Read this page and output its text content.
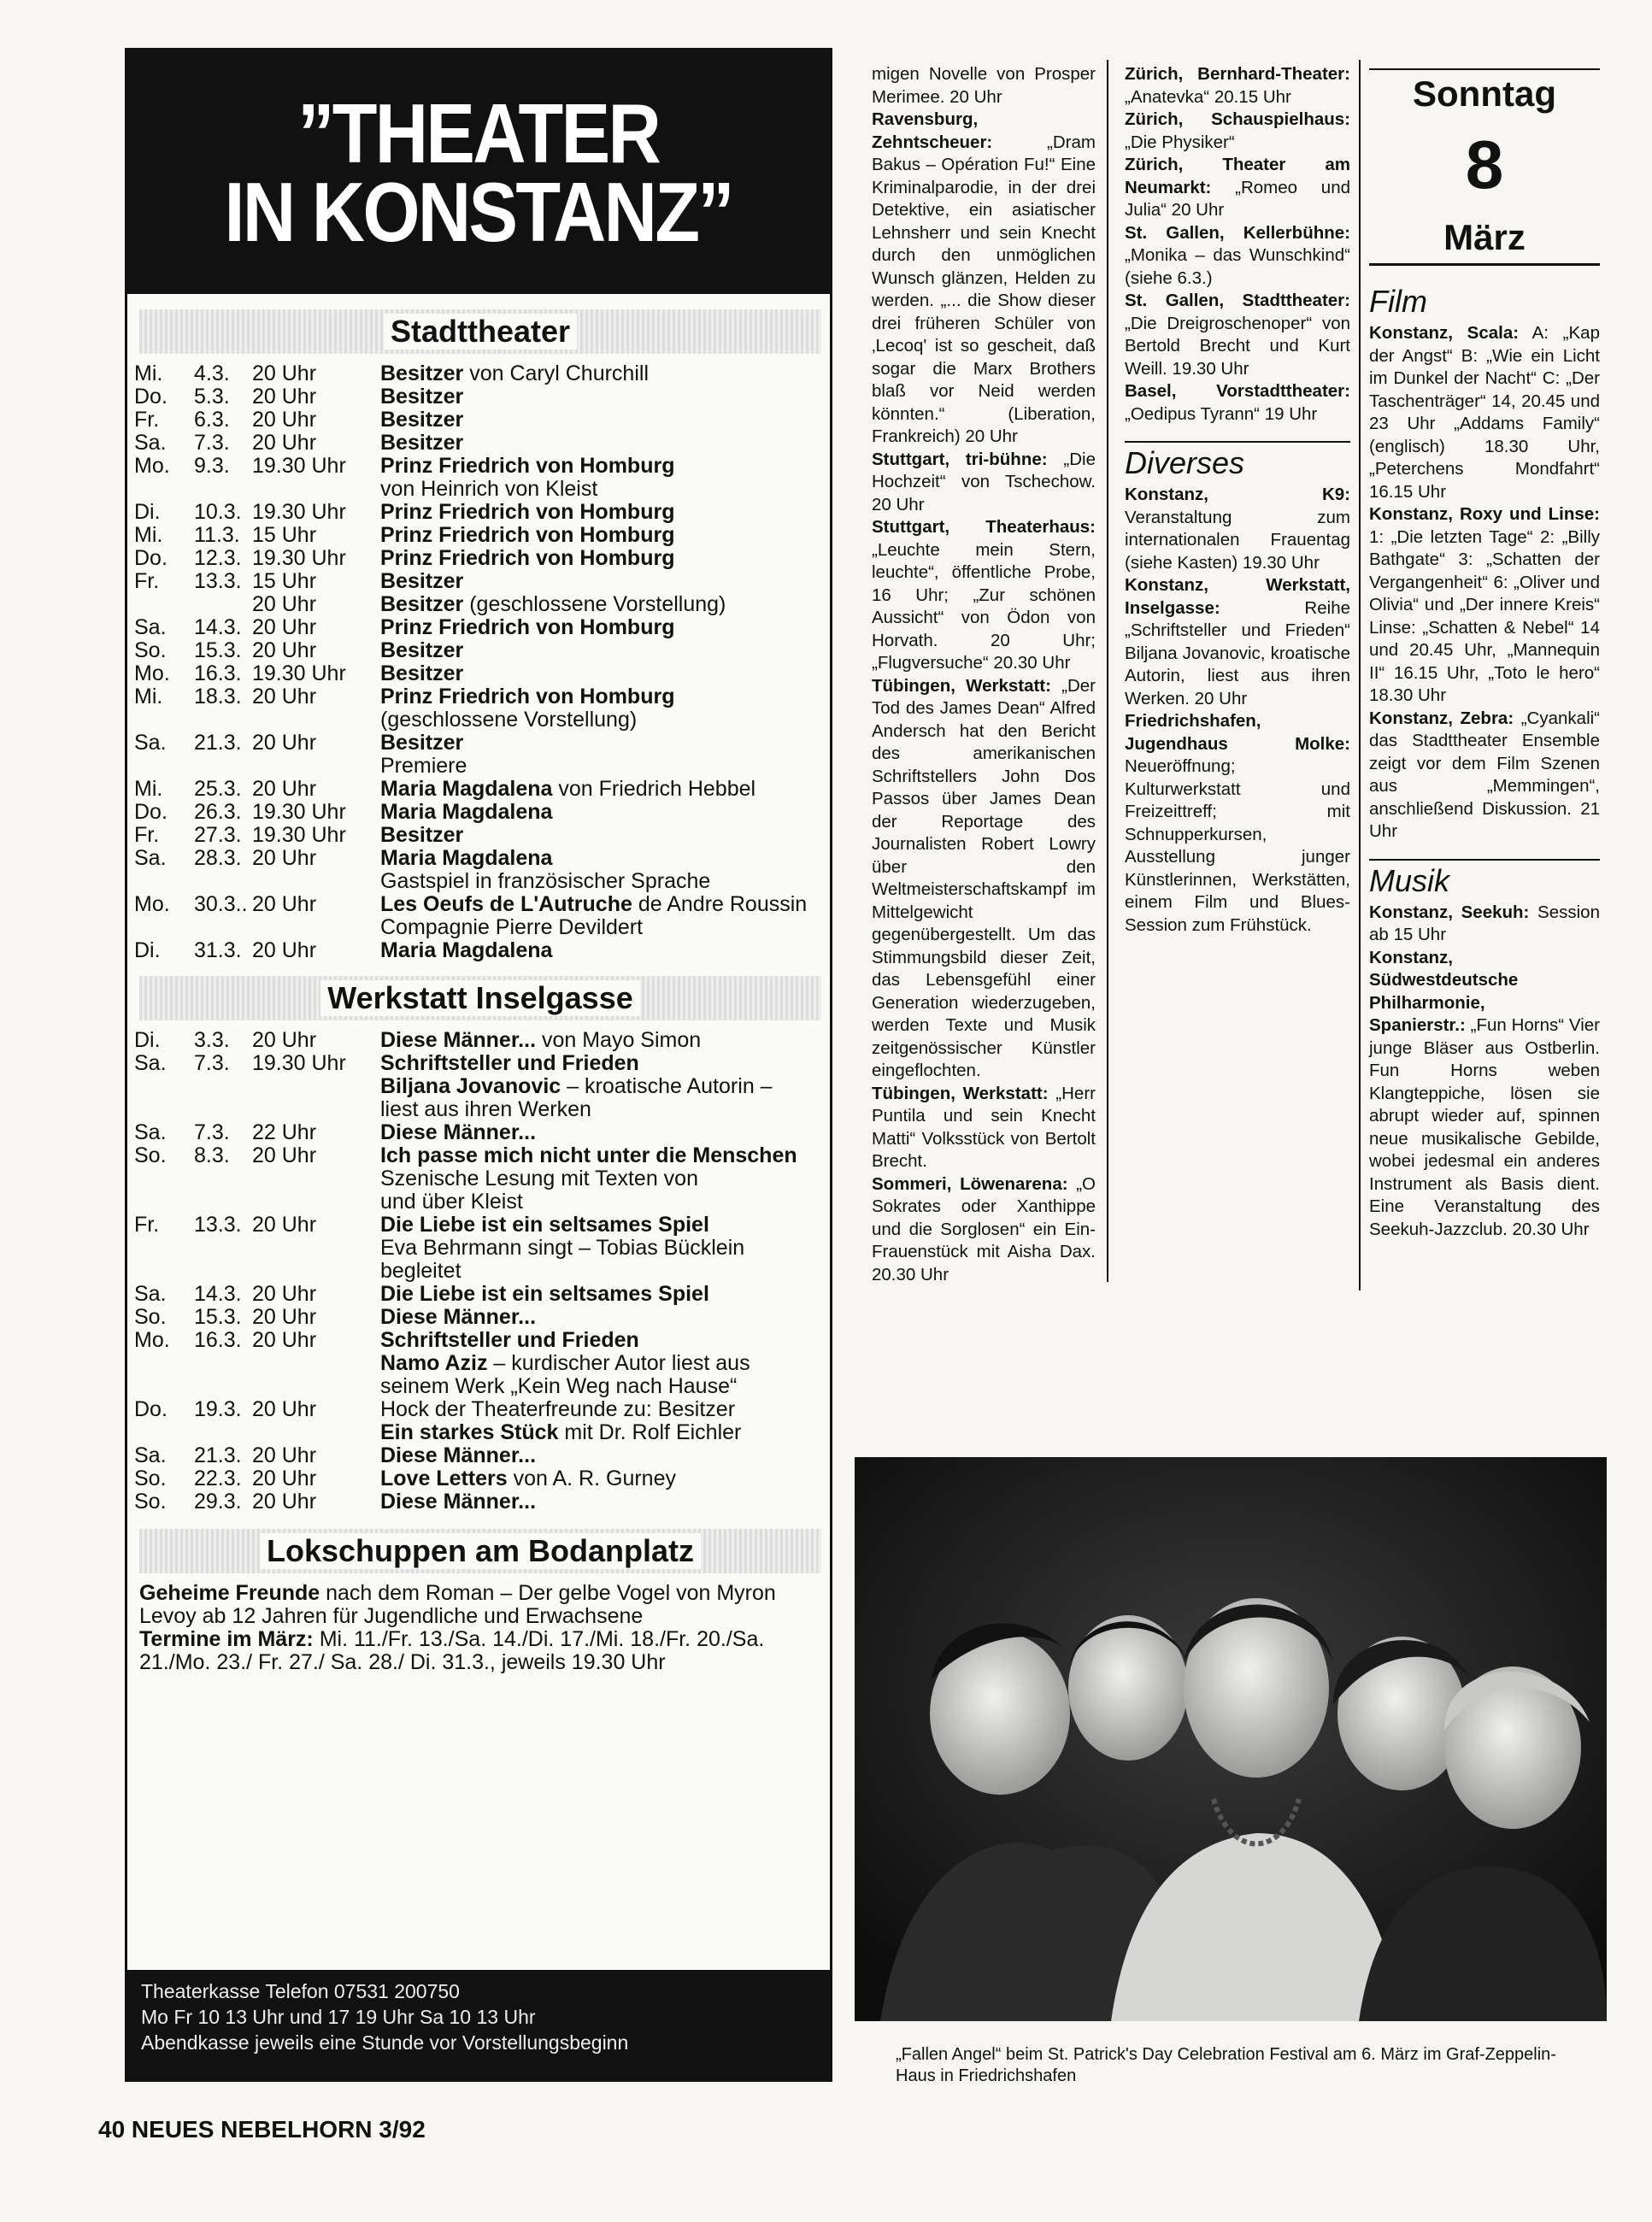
”THEATER
IN KONSTANZ”
Stadttheater
Mi.	4.3.	20 Uhr	Besitzer von Caryl Churchill
Do.	5.3.	20 Uhr	Besitzer
Fr.	6.3.	20 Uhr	Besitzer
Sa.	7.3.	20 Uhr	Besitzer
Mo.	9.3.	19.30 Uhr	Prinz Friedrich von Homburg
von Heinrich von Kleist
Di.	10.3.	19.30 Uhr	Prinz Friedrich von Homburg
Mi.	11.3.	15 Uhr	Prinz Friedrich von Homburg
Do.	12.3.	19.30 Uhr	Prinz Friedrich von Homburg
Fr.	13.3.	15 Uhr	Besitzer
		20 Uhr	Besitzer (geschlossene Vorstellung)
Sa.	14.3.	20 Uhr	Prinz Friedrich von Homburg
So.	15.3.	20 Uhr	Besitzer
Mo.	16.3.	19.30 Uhr	Besitzer
Mi.	18.3.	20 Uhr	Prinz Friedrich von Homburg
(geschlossene Vorstellung)
Sa.	21.3.	20 Uhr	Besitzer
			Premiere
Mi.	25.3.	20 Uhr	Maria Magdalena von Friedrich Hebbel
Do.	26.3.	19.30 Uhr	Maria Magdalena
Fr.	27.3.	19.30 Uhr	Besitzer
Sa.	28.3.	20 Uhr	Maria Magdalena
			Gastspiel in französischer Sprache
Mo.	30.3..	20 Uhr	Les Oeufs de L'Autruche de Andre Roussin
Compagnie Pierre Devildert
Di.	31.3.	20 Uhr	Maria Magdalena
Werkstatt Inselgasse
Di.	3.3.	20 Uhr	Diese Männer... von Mayo Simon
Sa.	7.3.	19.30 Uhr	Schriftsteller und Frieden
Biljana Jovanovic – kroatische Autorin –
liest aus ihren Werken
Sa.	7.3.	22 Uhr	Diese Männer...
So.	8.3.	20 Uhr	Ich passe mich nicht unter die Menschen
Szenische Lesung mit Texten von
und über Kleist
Fr.	13.3.	20 Uhr	Die Liebe ist ein seltsames Spiel
Eva Behrmann singt – Tobias Bücklein
begleitet
Sa.	14.3.	20 Uhr	Die Liebe ist ein seltsames Spiel
So.	15.3.	20 Uhr	Diese Männer...
Mo.	16.3.	20 Uhr	Schriftsteller und Frieden
Namo Aziz – kurdischer Autor liest aus
seinem Werk „Kein Weg nach Hause“
Do.	19.3.	20 Uhr	Hock der Theaterfreunde zu: Besitzer
Ein starkes Stück mit Dr. Rolf Eichler
Sa.	21.3.	20 Uhr	Diese Männer...
So.	22.3.	20 Uhr	Love Letters von A. R. Gurney
So.	29.3.	20 Uhr	Diese Männer...
Lokschuppen am Bodanplatz
Geheime Freunde nach dem Roman – Der gelbe Vogel von Myron Levoy ab 12 Jahren für Jugendliche und Erwachsene
Termine im März: Mi. 11./Fr. 13./Sa. 14./Di. 17./Mi. 18./Fr. 20./Sa. 21./Mo. 23./ Fr. 27./ Sa. 28./ Di. 31.3., jeweils 19.30 Uhr
Theaterkasse Telefon 07531 200750
Mo Fr 10 13 Uhr und 17 19 Uhr Sa 10 13 Uhr
Abendkasse jeweils eine Stunde vor Vorstellungsbeginn

migen Novelle von Prosper Merimee. 20 Uhr

Ravensburg, Zehntscheuer: „Dram Bakus – Opération Fu!“ Eine Kriminalparodie, in der drei Detektive, ein asiatischer Lehnsherr und sein Knecht durch den unmöglichen Wunsch glänzen, Helden zu werden. „... die Show dieser drei früheren Schüler von ‚Lecoq' ist so gescheit, daß sogar die Marx Brothers blaß vor Neid werden könnten.“ (Liberation, Frankreich) 20 Uhr

Stuttgart, tri-bühne: „Die Hochzeit“ von Tschechow. 20 Uhr

Stuttgart, Theaterhaus: „Leuchte mein Stern, leuchte“, öffentliche Probe, 16 Uhr; „Zur schönen Aussicht“ von Ödon von Horvath. 20 Uhr; „Flugversuche“ 20.30 Uhr

Tübingen, Werkstatt: „Der Tod des James Dean“ Alfred Andersch hat den Bericht des amerikanischen Schriftstellers John Dos Passos über James Dean der Reportage des Journalisten Robert Lowry über den Weltmeisterschaftskampf im Mittelgewicht gegenübergestellt. Um das Stimmungsbild dieser Zeit, das Lebensgefühl einer Generation wiederzugeben, werden Texte und Musik zeitgenössischer Künstler eingeflochten.

Tübingen, Werkstatt: „Herr Puntila und sein Knecht Matti“ Volksstück von Bertolt Brecht.

Sommeri, Löwenarena: „O Sokrates oder Xanthippe und die Sorglosen“ ein Ein-Frauenstück mit Aisha Dax. 20.30 Uhr

Zürich, Bernhard-Theater: „Anatevka“ 20.15 Uhr

Zürich, Schauspielhaus: „Die Physiker“

Zürich, Theater am Neumarkt: „Romeo und Julia“ 20 Uhr

St. Gallen, Kellerbühne: „Monika – das Wunschkind“ (siehe 6.3.)

St. Gallen, Stadttheater: „Die Dreigroschenoper“ von Bertold Brecht und Kurt Weill. 19.30 Uhr

Basel, Vorstadttheater: „Oedipus Tyrann“ 19 Uhr

Diverses

Konstanz, K9: Veranstaltung zum internationalen Frauentag (siehe Kasten) 19.30 Uhr

Konstanz, Werkstatt, Inselgasse: Reihe „Schriftsteller und Frieden“ Biljana Jovanovic, kroatische Autorin, liest aus ihren Werken. 20 Uhr

Friedrichshafen, Jugendhaus Molke: Neueröffnung; Kulturwerkstatt und Freizeittreff; mit Schnupperkursen, Ausstellung junger Künstlerinnen, Werkstätten, einem Film und Blues-Session zum Frühstück.

Sonntag
8
März
Film

Konstanz, Scala: A: „Kap der Angst“ B: „Wie ein Licht im Dunkel der Nacht“ C: „Der Taschenträger“ 14, 20.45 und 23 Uhr „Addams Family“ (englisch) 18.30 Uhr, „Peterchens Mondfahrt“ 16.15 Uhr

Konstanz, Roxy und Linse: 1: „Die letzten Tage“ 2: „Billy Bathgate“ 3: „Schatten der Vergangenheit“ 6: „Oliver und Olivia“ und „Der innere Kreis“ Linse: „Schatten & Nebel“ 14 und 20.45 Uhr, „Mannequin II“ 16.15 Uhr, „Toto le hero“ 18.30 Uhr

Konstanz, Zebra: „Cyankali“ das Stadttheater Ensemble zeigt vor dem Film Szenen aus „Memmingen“, anschließend Diskussion. 21 Uhr

Musik

Konstanz, Seekuh: Session ab 15 Uhr

Konstanz, Südwestdeutsche Philharmonie,

Spanierstr.: „Fun Horns“ Vier junge Bläser aus Ostberlin. Fun Horns weben Klangteppiche, lösen sie abrupt wieder auf, spinnen neue musikalische Gebilde, wobei jedesmal ein anderes Instrument als Basis dient. Eine Veranstaltung des Seekuh-Jazzclub. 20.30 Uhr

„Fallen Angel“ beim St. Patrick's Day Celebration Festival am 6. März im Graf-Zeppelin-Haus in Friedrichshafen
40 NEUES NEBELHORN 3/92
